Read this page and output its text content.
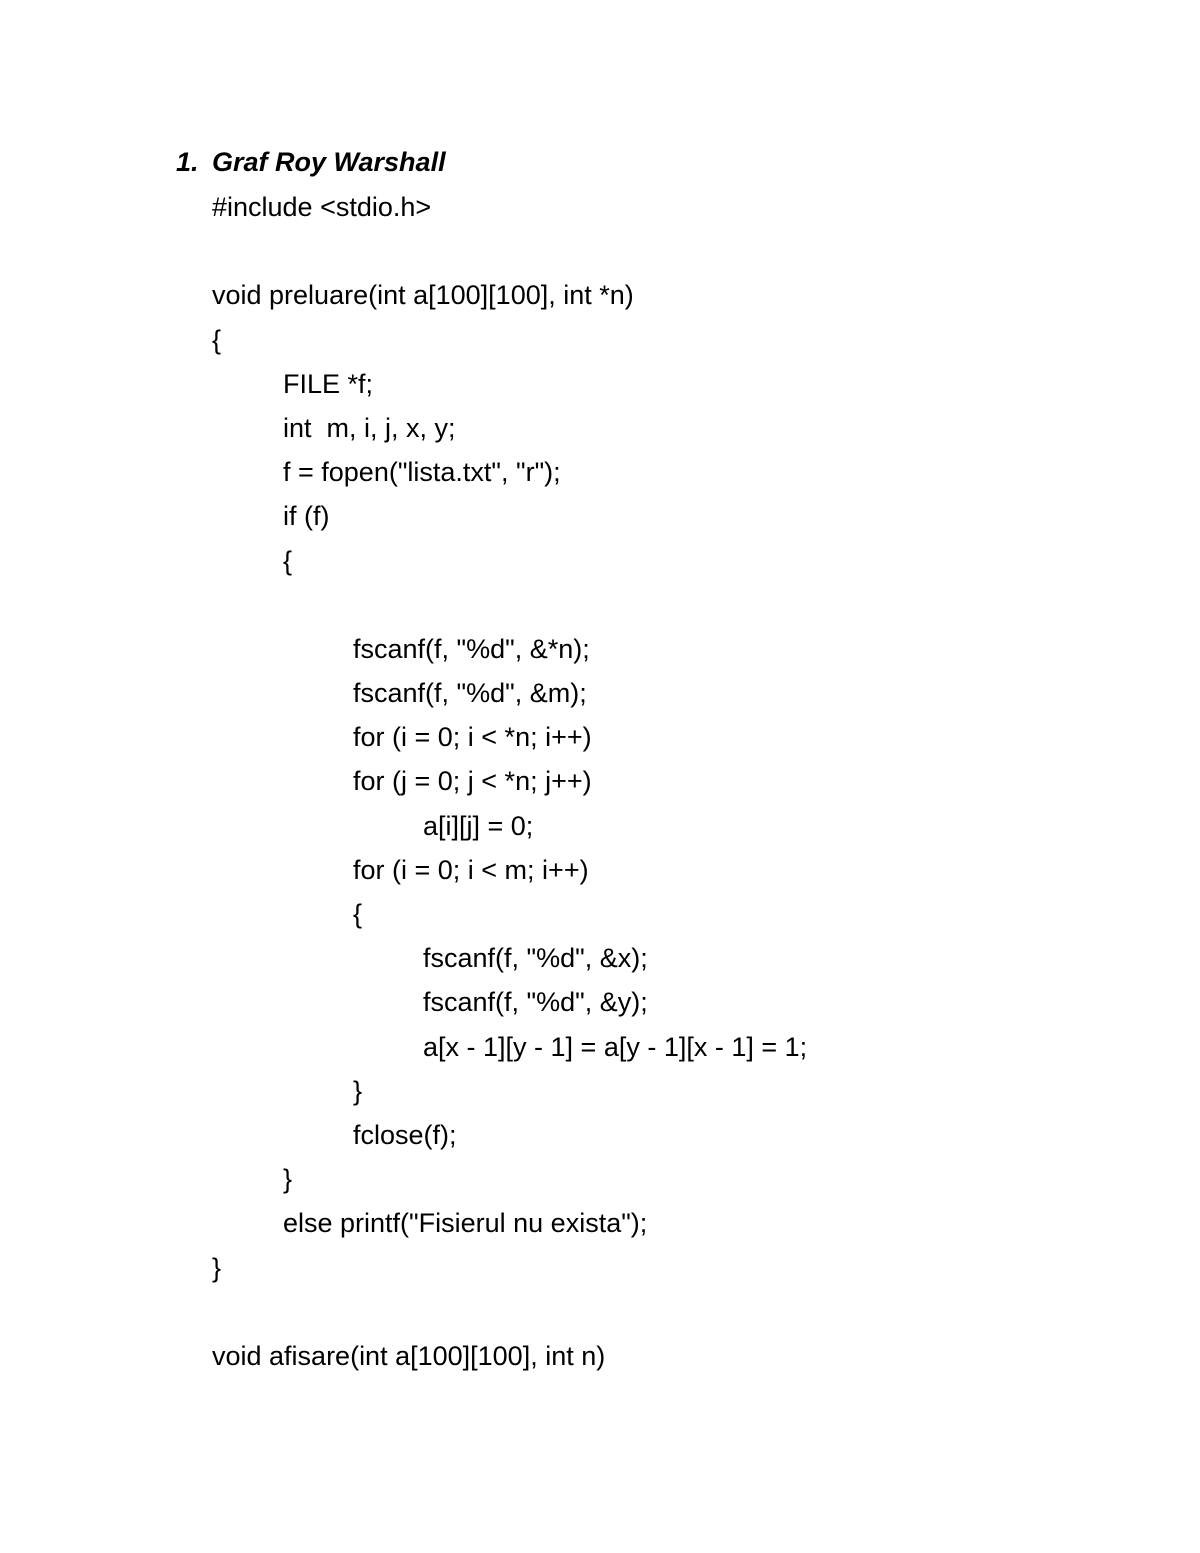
1. Graf Roy Warshall
#include <stdio.h>
void preluare(int a[100][100], int *n)
{
FILE *f;
int  m, i, j, x, y;
f = fopen("lista.txt", "r");
if (f)
{
fscanf(f, "%d", &*n);
fscanf(f, "%d", &m);
for (i = 0; i < *n; i++)
for (j = 0; j < *n; j++)
a[i][j] = 0;
for (i = 0; i < m; i++)
{
fscanf(f, "%d", &x);
fscanf(f, "%d", &y);
a[x - 1][y - 1] = a[y - 1][x - 1] = 1;
}
fclose(f);
}
else printf("Fisierul nu exista");
}
void afisare(int a[100][100], int n)
